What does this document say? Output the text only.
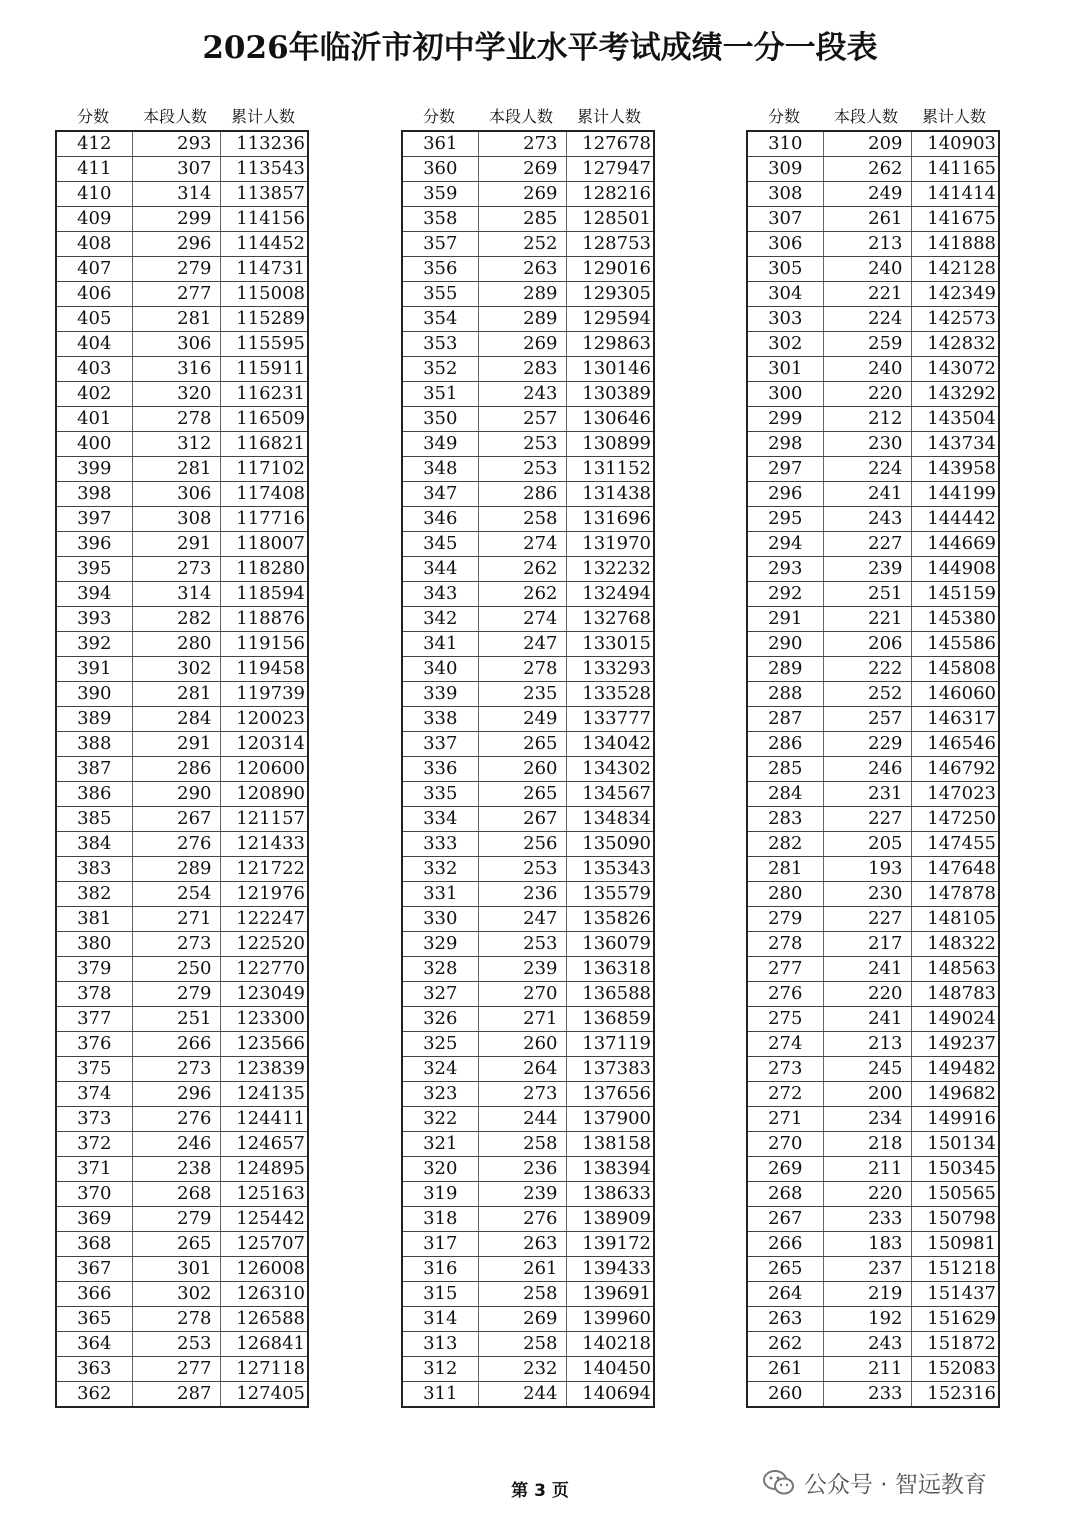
2026年临沂市初中学业水平考试成绩一分一段表
分数	本段人数	累计人数
412	293	113236
411	307	113543
410	314	113857
409	299	114156
408	296	114452
407	279	114731
406	277	115008
405	281	115289
404	306	115595
403	316	115911
402	320	116231
401	278	116509
400	312	116821
399	281	117102
398	306	117408
397	308	117716
396	291	118007
395	273	118280
394	314	118594
393	282	118876
392	280	119156
391	302	119458
390	281	119739
389	284	120023
388	291	120314
387	286	120600
386	290	120890
385	267	121157
384	276	121433
383	289	121722
382	254	121976
381	271	122247
380	273	122520
379	250	122770
378	279	123049
377	251	123300
376	266	123566
375	273	123839
374	296	124135
373	276	124411
372	246	124657
371	238	124895
370	268	125163
369	279	125442
368	265	125707
367	301	126008
366	302	126310
365	278	126588
364	253	126841
363	277	127118
362	287	127405
分数	本段人数	累计人数
361	273	127678
360	269	127947
359	269	128216
358	285	128501
357	252	128753
356	263	129016
355	289	129305
354	289	129594
353	269	129863
352	283	130146
351	243	130389
350	257	130646
349	253	130899
348	253	131152
347	286	131438
346	258	131696
345	274	131970
344	262	132232
343	262	132494
342	274	132768
341	247	133015
340	278	133293
339	235	133528
338	249	133777
337	265	134042
336	260	134302
335	265	134567
334	267	134834
333	256	135090
332	253	135343
331	236	135579
330	247	135826
329	253	136079
328	239	136318
327	270	136588
326	271	136859
325	260	137119
324	264	137383
323	273	137656
322	244	137900
321	258	138158
320	236	138394
319	239	138633
318	276	138909
317	263	139172
316	261	139433
315	258	139691
314	269	139960
313	258	140218
312	232	140450
311	244	140694
分数	本段人数	累计人数
310	209	140903
309	262	141165
308	249	141414
307	261	141675
306	213	141888
305	240	142128
304	221	142349
303	224	142573
302	259	142832
301	240	143072
300	220	143292
299	212	143504
298	230	143734
297	224	143958
296	241	144199
295	243	144442
294	227	144669
293	239	144908
292	251	145159
291	221	145380
290	206	145586
289	222	145808
288	252	146060
287	257	146317
286	229	146546
285	246	146792
284	231	147023
283	227	147250
282	205	147455
281	193	147648
280	230	147878
279	227	148105
278	217	148322
277	241	148563
276	220	148783
275	241	149024
274	213	149237
273	245	149482
272	200	149682
271	234	149916
270	218	150134
269	211	150345
268	220	150565
267	233	150798
266	183	150981
265	237	151218
264	219	151437
263	192	151629
262	243	151872
261	211	152083
260	233	152316
第 3 页	公众号 · 智远教育
